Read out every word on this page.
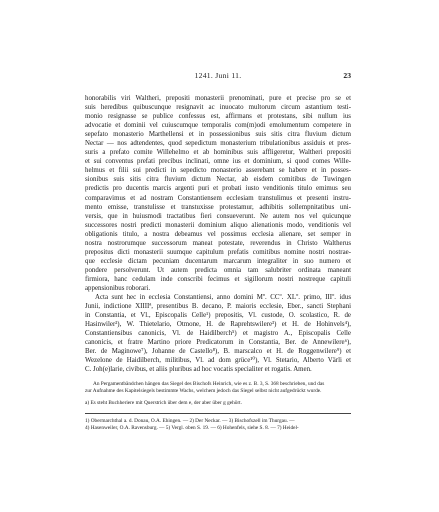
1241. Juni 11.	23
honorabilis viri Waltheri, prepositi monasterii prenominati, pure et precise pro se et
suis heredibus quibuscunque resignavit ac inuocato multorum circum astantium testi-
monio resignasse se publice confessus est, affirmans et protestans, sibi nullum ius
advocatie et dominii vel cuiuscumque temporalis com(m)odi emolumentum competere in
sepefato monasterio Marthellensi et in possessionibus suis sitis citra fluvium dictum
Nectar — nos adtendentes, quod sepedictum monasterium tribulationibus assiduis et pres-
suris a prefato comite Willehelmo et ab hominibus suis affligeretur, Waltheri prepositi
et sui conventus prefati precibus inclinati, omne ius et dominium, si quod comes Wille-
helmus et filii sui predicti in sepedicto monasterio asserebant se habere et in posses-
sionibus suis sitis citra fluvium dictum Nectar, ab eisdem comitibus de Tuwingen
predictis pro ducentis marcis argenti puri et probati iusto venditionis titulo emimus seu
comparavimus et ad nostram Constantiensem ecclesiam transtulimus et presenti instru-
mento emisse, transtulisse et transtuxisse protestamur, adhibitis sollempnitatibus uni-
versis, que in huiusmodi tractatibus fieri consueverunt. Ne autem nos vel quicunque
successores nostri predicti monasterii dominium aliquo alienationis modo, venditionis vel
obligationis titulo, a nostra debeamus vel possimus ecclesia alienare, set semper in
nostra nostrorumque successorum maneat potestate, reverendus in Christo Waltherus
prepositus dicti monasterii suumque capitulum prefatis comitibus nomine nostri nostrae-
que ecclesie dictam pecuniam ducentarum marcarum integraliter in suo numero et
pondere persolverunt. Ut autem predicta omnia tam salubriter ordinata maneant
firmiora, hanc cedulam inde conscribi fecimus et sigillorum nostri nostreque capituli
appensionibus roborari.
Acta sunt hec in ecclesia Constantiensi, anno domini Mº. CCº. XLº. primo, IIIº. idus
Junii, indictione XIIIIª, presentibus B. decano, P. maioris ecclesie, Eber., sancti Stephani
in Constantia, et Vl., Episcopalis Celle¹) prepositis, Vl. custode, O. scolastico, R. de
Hasinwiler²), W. Thietelario, Otmone, H. de Raprehtswilere³) et H. de Hohinvels⁴),
Constantiensibus canonicis, Vl. de Haidilberch⁵) et magistro A., Episcopalis Celle
canonicis, et fratre Martino priore Predicatorum in Constantia, Ber. de Annewilere⁶),
Ber. de Maginowe⁷), Johanne de Castello⁸), B. marscalco et H. de Roggenwilere⁹) et
Wezelone de Haidilberch, militibus, Vl. ad dom grüce¹⁰), Vl. Stetario, Alberto Värli et
C. Joh(e)larie, civibus, et aliis pluribus ad hoc vocatis specialiter et rogatis. Amen.
An Pergamentbändchen hängen das Siegel des Bischofs Heinrich, wie es z. B. 3, S. 368 beschrieben, und das
zur Aufnahme des Kapitelsiegels bestimmte Wachs, welchem jedoch das Siegel selbst nicht aufgedrückt wurde.
a) Es steht Buchheriere mit Querstrich über dem e, der aber über g gehört.
1) Obermarchthal a. d. Donau, O.A. Ehingen. — 2) Der Neckar. — 3) Bischofszell im Thurgau. —
4) Hasenweiler, O.A. Ravensburg. — 5) Vergl. oben S. 19. — 6) Hohenfels, siehe S. 8. — 7) Heidel-
